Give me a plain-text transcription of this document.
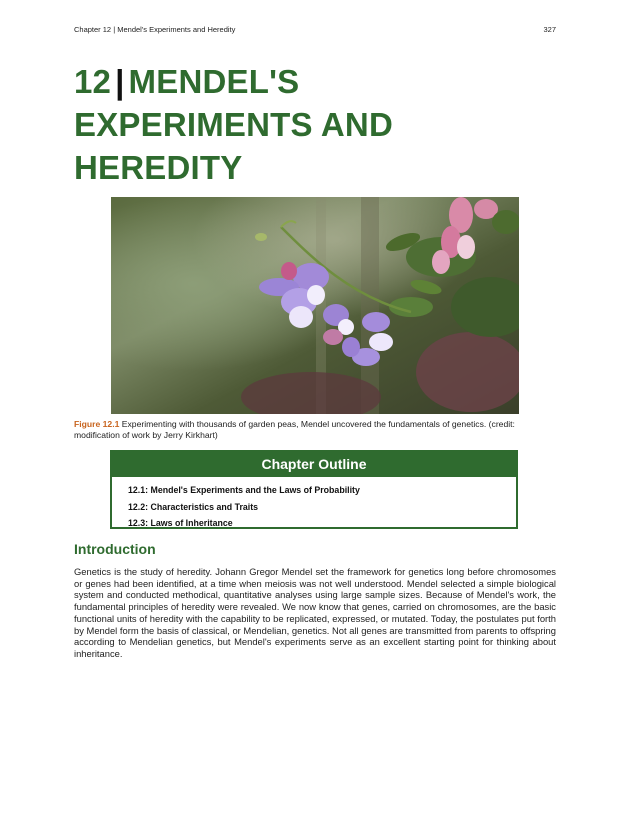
Chapter 12 | Mendel's Experiments and Heredity	327
12 | MENDEL'S EXPERIMENTS AND HEREDITY
Figure 12.1 Experimenting with thousands of garden peas, Mendel uncovered the fundamentals of genetics. (credit: modification of work by Jerry Kirkhart)
Chapter Outline
12.1: Mendel's Experiments and the Laws of Probability
12.2: Characteristics and Traits
12.3: Laws of Inheritance
Introduction

Genetics is the study of heredity. Johann Gregor Mendel set the framework for genetics long before chromosomes or genes had been identified, at a time when meiosis was not well understood. Mendel selected a simple biological system and conducted methodical, quantitative analyses using large sample sizes. Because of Mendel's work, the fundamental principles of heredity were revealed. We now know that genes, carried on chromosomes, are the basic functional units of heredity with the capability to be replicated, expressed, or mutated. Today, the postulates put forth by Mendel form the basis of classical, or Mendelian, genetics. Not all genes are transmitted from parents to offspring according to Mendelian genetics, but Mendel's experiments serve as an excellent starting point for thinking about inheritance.
